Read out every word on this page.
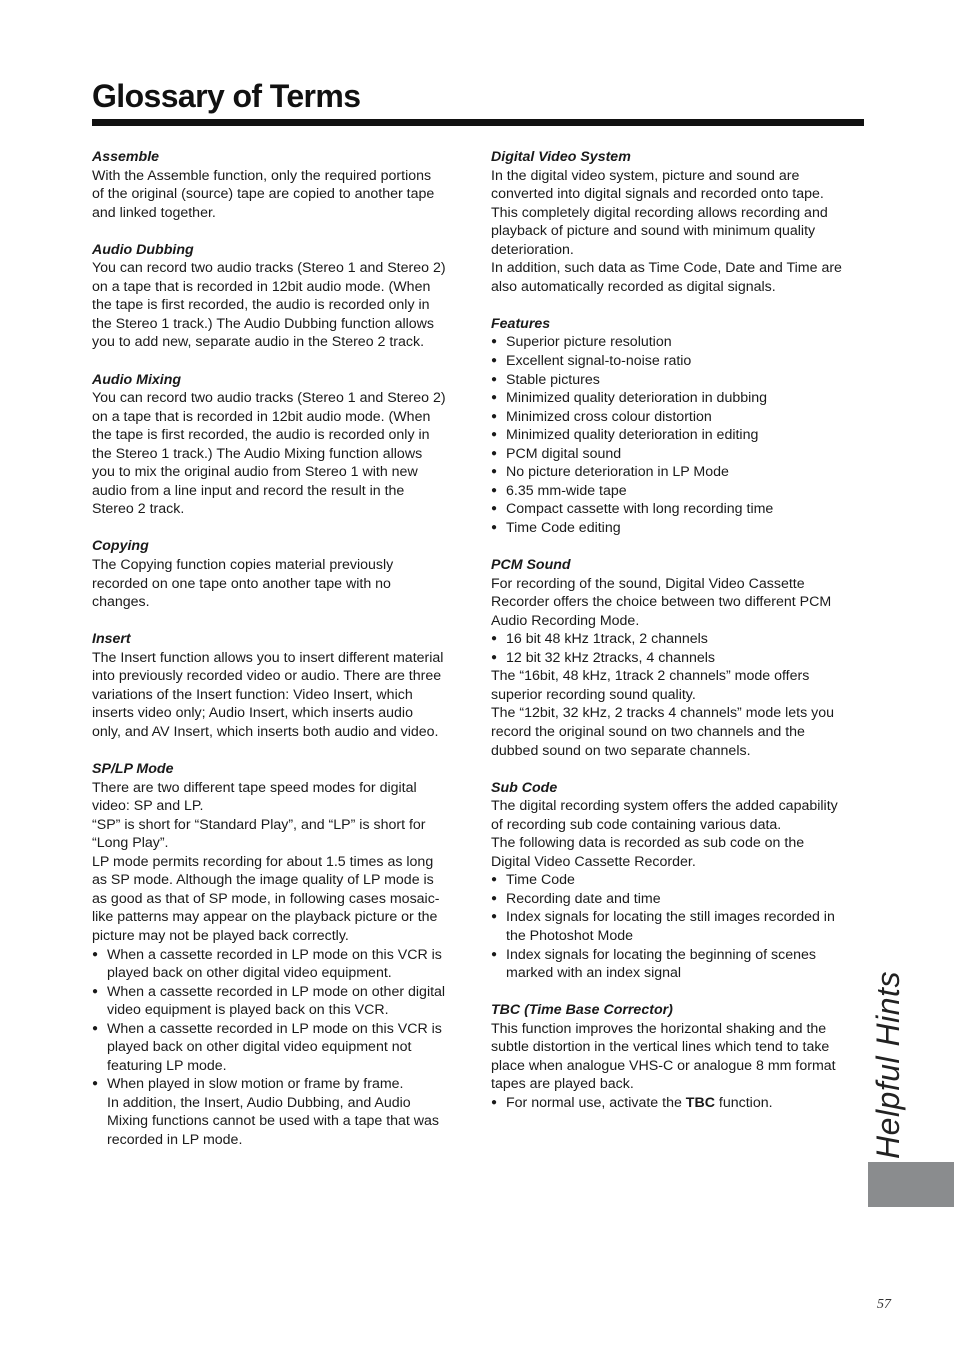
Glossary of Terms
Assemble
With the Assemble function, only the required portions
of the original (source) tape are copied to another tape
and linked together.
Audio Dubbing
You can record two audio tracks (Stereo 1 and Stereo 2)
on a tape that is recorded in 12bit audio mode. (When
the tape is first recorded, the audio is recorded only in
the Stereo 1 track.) The Audio Dubbing function allows
you to add new, separate audio in the Stereo 2 track.
Audio Mixing
You can record two audio tracks (Stereo 1 and Stereo 2)
on a tape that is recorded in 12bit audio mode. (When
the tape is first recorded, the audio is recorded only in
the Stereo 1 track.) The Audio Mixing function allows
you to mix the original audio from Stereo 1 with new
audio from a line input and record the result in the
Stereo 2 track.
Copying
The Copying function copies material previously
recorded on one tape onto another tape with no
changes.
Insert
The Insert function allows you to insert different material
into previously recorded video or audio. There are three
variations of the Insert function: Video Insert, which
inserts video only; Audio Insert, which inserts audio
only, and AV Insert, which inserts both audio and video.
SP/LP Mode
There are two different tape speed modes for digital
video: SP and LP.
“SP” is short for “Standard Play”, and “LP” is short for
“Long Play”.
LP mode permits recording for about 1.5 times as long
as SP mode. Although the image quality of LP mode is
as good as that of SP mode, in following cases mosaic-
like patterns may appear on the playback picture or the
picture may not be played back correctly.
● When a cassette recorded in LP mode on this VCR is
played back on other digital video equipment.
● When a cassette recorded in LP mode on other digital
video equipment is played back on this VCR.
● When a cassette recorded in LP mode on this VCR is
played back on other digital video equipment not
featuring LP mode.
● When played in slow motion or frame by frame.
In addition, the Insert, Audio Dubbing, and Audio
Mixing functions cannot be used with a tape that was
recorded in LP mode.
Digital Video System
In the digital video system, picture and sound are
converted into digital signals and recorded onto tape.
This completely digital recording allows recording and
playback of picture and sound with minimum quality
deterioration.
In addition, such data as Time Code, Date and Time are
also automatically recorded as digital signals.
Features
● Superior picture resolution
● Excellent signal-to-noise ratio
● Stable pictures
● Minimized quality deterioration in dubbing
● Minimized cross colour distortion
● Minimized quality deterioration in editing
● PCM digital sound
● No picture deterioration in LP Mode
● 6.35 mm-wide tape
● Compact cassette with long recording time
● Time Code editing
PCM Sound
For recording of the sound, Digital Video Cassette
Recorder offers the choice between two different PCM
Audio Recording Mode.
● 16 bit 48 kHz 1track, 2 channels
● 12 bit 32 kHz 2tracks, 4 channels
The “16bit, 48 kHz, 1track 2 channels” mode offers
superior recording sound quality.
The “12bit, 32 kHz, 2 tracks 4 channels” mode lets you
record the original sound on two channels and the
dubbed sound on two separate channels.
Sub Code
The digital recording system offers the added capability
of recording sub code containing various data.
The following data is recorded as sub code on the
Digital Video Cassette Recorder.
● Time Code
● Recording date and time
● Index signals for locating the still images recorded in
the Photoshot Mode
● Index signals for locating the beginning of scenes
marked with an index signal
TBC (Time Base Corrector)
This function improves the horizontal shaking and the
subtle distortion in the vertical lines which tend to take
place when analogue VHS-C or analogue 8 mm format
tapes are played back.
● For normal use, activate the TBC function.	Helpful Hints
57
